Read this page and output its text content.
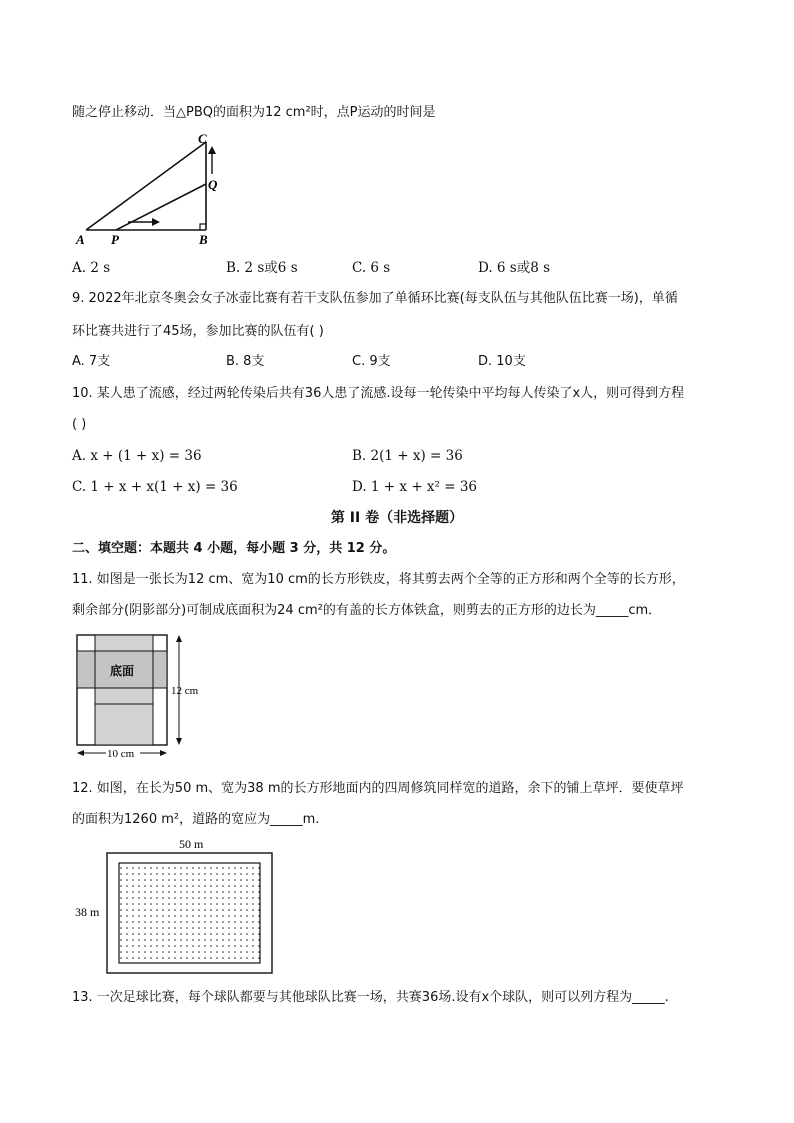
随之停止移动．当△PBQ的面积为12 cm²时，点P运动的时间是
C
Q
A P	B
A. 2 s	B. 2 s或6 s	C. 6 s	D. 6 s或8 s
9. 2022年北京冬奥会女子冰壶比赛有若干支队伍参加了单循环比赛(每支队伍与其他队伍比赛一场)，单循
环比赛共进行了45场，参加比赛的队伍有( )
A. 7支	B. 8支	C. 9支	D. 10支
10. 某人患了流感，经过两轮传染后共有36人患了流感.设每一轮传染中平均每人传染了x人，则可得到方程
( )
A. x + (1 + x) = 36	B. 2(1 + x) = 36
C. 1 + x + x(1 + x) = 36	D. 1 + x + x² = 36
第 II 卷（非选择题）
二、填空题：本题共 4 小题，每小题 3 分，共 12 分。
11. 如图是一张长为12 cm、宽为10 cm的长方形铁皮，将其剪去两个全等的正方形和两个全等的长方形，
剩余部分(阴影部分)可制成底面积为24 cm²的有盖的长方体铁盒，则剪去的正方形的边长为_____cm．
底面
12 cm
10 cm
12. 如图，在长为50 m、宽为38 m的长方形地面内的四周修筑同样宽的道路，余下的铺上草坪．要使草坪
的面积为1260 m²，道路的宽应为_____m.
50 m
38 m
13. 一次足球比赛，每个球队都要与其他球队比赛一场，共赛36场.设有x个球队，则可以列方程为_____.
